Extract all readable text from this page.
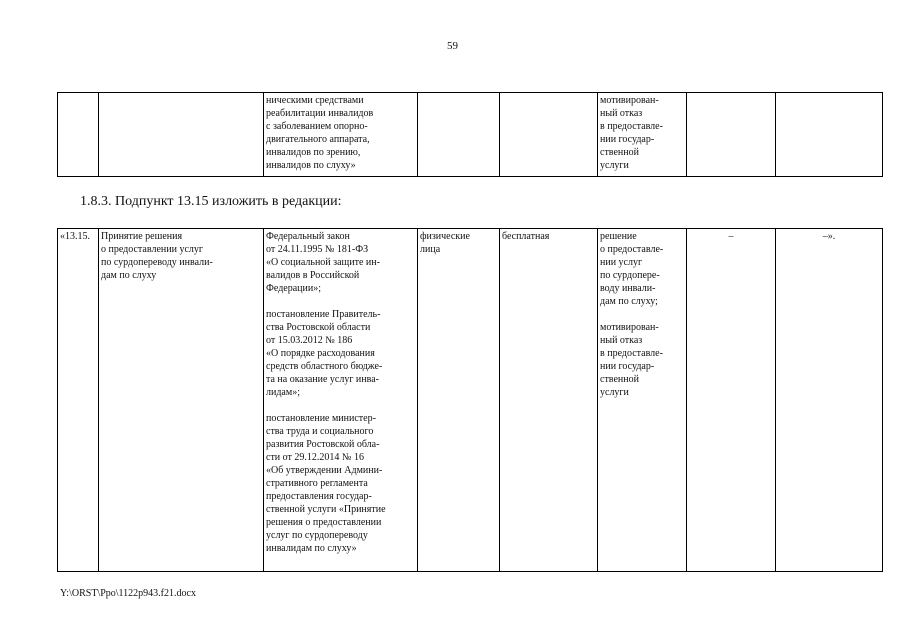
59
		ническими средствами
реабилитации инвалидов
с заболеванием опорно-
двигательного аппарата,
инвалидов по зрению,
инвалидов по слуху»			мотивирован-
ный отказ
в предоставле-
нии государ-
ственной
услуги		
1.8.3. Подпункт 13.15 изложить в редакции:
«13.15.	Принятие решения
о предоставлении услуг
по сурдопереводу инвали-
дам по слуху	Федеральный закон
от 24.11.1995 № 181-ФЗ
«О социальной защите ин-
валидов в Российской
Федерации»;

постановление Правитель-
ства Ростовской области
от 15.03.2012 № 186
«О порядке расходования
средств областного бюдже-
та на оказание услуг инва-
лидам»;

постановление министер-
ства труда и социального
развития Ростовской обла-
сти от 29.12.2014 № 16
«Об утверждении Админи-
стративного регламента
предоставления государ-
ственной услуги «Принятие
решения о предоставлении
услуг по сурдопереводу
инвалидам по слуху»	физические
лица	бесплатная	решение
о предоставле-
нии услуг
по сурдопере-
воду инвали-
дам по слуху;

мотивирован-
ный отказ
в предоставле-
нии государ-
ственной
услуги	–	–».
Y:\ORST\Ppo\1122p943.f21.docx
